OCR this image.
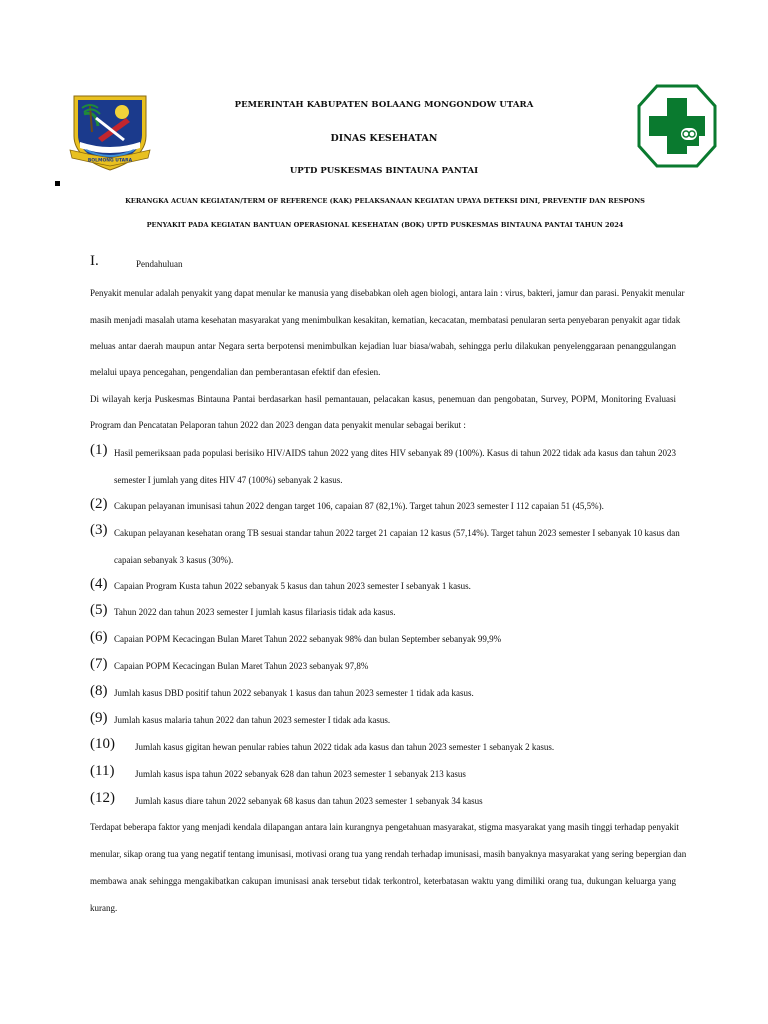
BOLMONG UTARA
PEMERINTAH KABUPATEN BOLAANG MONGONDOW UTARA
DINAS KESEHATAN
UPTD PUSKESMAS BINTAUNA PANTAI
KERANGKA ACUAN KEGIATAN/TERM OF REFERENCE (KAK) PELAKSANAAN KEGIATAN UPAYA DETEKSI DINI, PREVENTIF DAN RESPONS
PENYAKIT PADA KEGIATAN BANTUAN OPERASIONAL KESEHATAN (BOK) UPTD PUSKESMAS BINTAUNA PANTAI TAHUN 2024
I.	Pendahuluan
Penyakit menular adalah penyakit yang dapat menular ke manusia yang disebabkan oleh agen biologi, antara lain : virus, bakteri, jamur dan parasi. Penyakit menular
masih menjadi masalah utama kesehatan masyarakat yang menimbulkan kesakitan, kematian, kecacatan, membatasi penularan serta penyebaran penyakit agar tidak
meluas antar daerah maupun antar Negara serta berpotensi menimbulkan kejadian luar biasa/wabah, sehingga perlu dilakukan penyelenggaraan penanggulangan
melalui upaya pencegahan, pengendalian dan pemberantasan efektif dan efesien.
Di wilayah kerja Puskesmas Bintauna Pantai berdasarkan hasil pemantauan, pelacakan kasus, penemuan dan pengobatan, Survey, POPM, Monitoring Evaluasi
Program dan Pencatatan Pelaporan tahun 2022 dan 2023 dengan data penyakit menular sebagai berikut :
(1) Hasil pemeriksaan pada populasi berisiko HIV/AIDS tahun 2022 yang dites HIV sebanyak 89 (100%). Kasus di tahun 2022 tidak ada kasus dan tahun 2023
semester I jumlah yang dites HIV 47 (100%) sebanyak 2 kasus.
(2) Cakupan pelayanan imunisasi tahun 2022 dengan target 106, capaian 87 (82,1%). Target tahun 2023 semester I 112 capaian 51 (45,5%).
(3) Cakupan pelayanan kesehatan orang TB sesuai standar tahun 2022 target 21 capaian 12 kasus (57,14%). Target tahun 2023 semester I sebanyak 10 kasus dan
capaian sebanyak 3 kasus (30%).
(4) Capaian Program Kusta tahun 2022 sebanyak 5 kasus dan tahun 2023 semester I sebanyak 1 kasus.
(5) Tahun 2022 dan tahun 2023 semester I jumlah kasus filariasis tidak ada kasus.
(6) Capaian POPM Kecacingan Bulan Maret Tahun 2022 sebanyak 98% dan bulan September sebanyak 99,9%
(7) Capaian POPM Kecacingan Bulan Maret Tahun 2023 sebanyak 97,8%
(8) Jumlah kasus DBD positif tahun 2022 sebanyak 1 kasus dan tahun 2023 semester 1 tidak ada kasus.
(9) Jumlah kasus malaria tahun 2022 dan tahun 2023 semester I tidak ada kasus.
(10) Jumlah kasus gigitan hewan penular rabies tahun 2022 tidak ada kasus dan tahun 2023 semester 1 sebanyak 2 kasus.
(11) Jumlah kasus ispa tahun 2022 sebanyak 628 dan tahun 2023 semester 1 sebanyak 213 kasus
(12) Jumlah kasus diare tahun 2022 sebanyak 68 kasus dan tahun 2023 semester 1 sebanyak 34 kasus
Terdapat beberapa faktor yang menjadi kendala dilapangan antara lain kurangnya pengetahuan masyarakat, stigma masyarakat yang masih tinggi terhadap penyakit
menular, sikap orang tua yang negatif tentang imunisasi, motivasi orang tua yang rendah terhadap imunisasi, masih banyaknya masyarakat yang sering bepergian dan
membawa anak sehingga mengakibatkan cakupan imunisasi anak tersebut tidak terkontrol, keterbatasan waktu yang dimiliki orang tua, dukungan keluarga yang
kurang.
